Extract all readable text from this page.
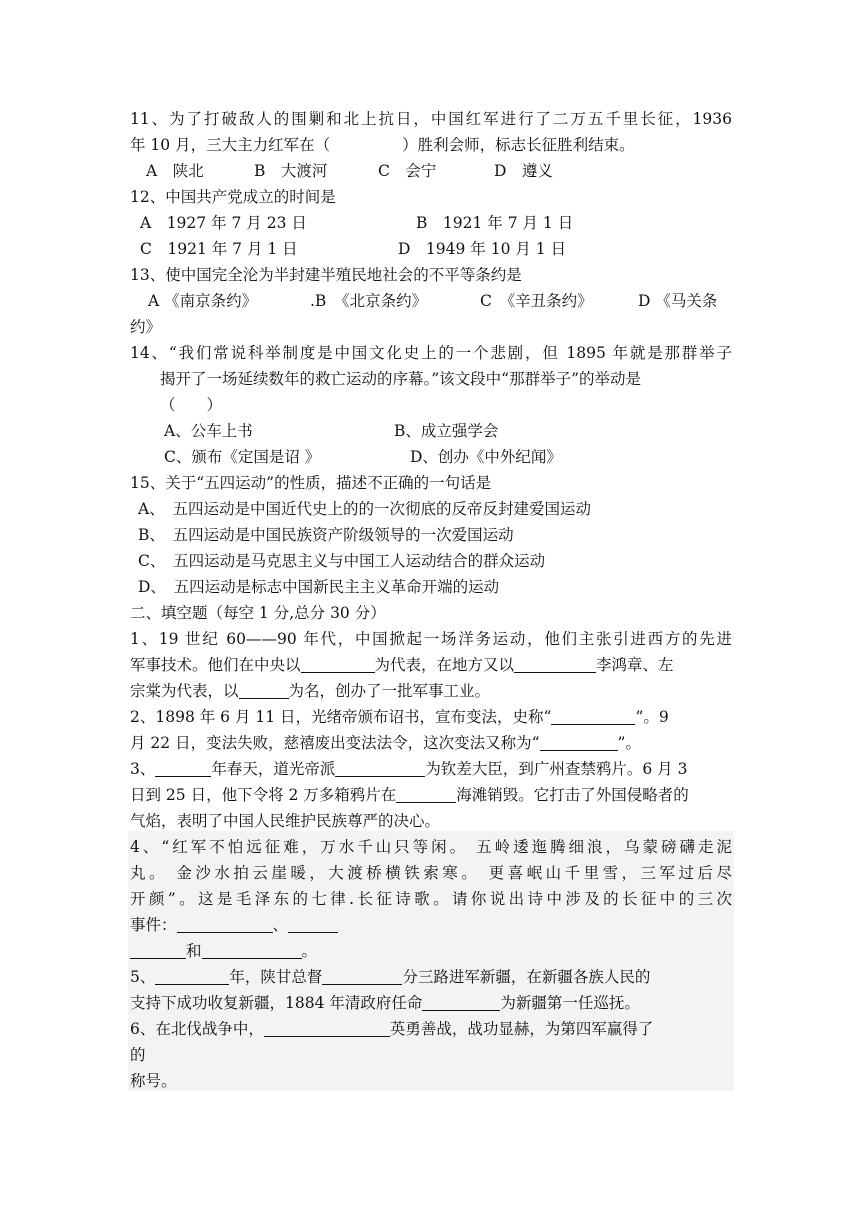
11、为了打破敌人的围剿和北上抗日，中国红军进行了二万五千里长征，1936
年 10 月，三大主力红军在（	）胜利会师，标志长征胜利结束。
A　陕北	B　大渡河	C　会宁	D　遵义
12、中国共产党成立的时间是
A　1927 年 7 月 23 日	B　1921 年 7 月 1 日
C　1921 年 7 月 1 日	D　1949 年 10 月 1 日
13、使中国完全沦为半封建半殖民地社会的不平等条约是
A 《南京条约》	.B　《北京条约》	C　《辛丑条约》	D 《马关条
约》
14、“我们常说科举制度是中国文化史上的一个悲剧，但 1895 年就是那群举子
揭开了一场延续数年的救亡运动的序幕。”该文段中“那群举子”的举动是
（　　）
A、公车上书	B、成立强学会
C、颁布《定国是诏 》	D、创办《中外纪闻》
15、关于“五四运动”的性质，描述不正确的一句话是
A、　五四运动是中国近代史上的的一次彻底的反帝反封建爱国运动
B、　五四运动是中国民族资产阶级领导的一次爱国运动
C、　五四运动是马克思主义与中国工人运动结合的群众运动
D、　五四运动是标志中国新民主主义革命开端的运动
二、填空题（每空 1 分,总分 30 分）
1、19 世纪 60——90 年代，中国掀起一场洋务运动，他们主张引进西方的先进
军事技术。他们在中央以	为代表，在地方又以	李鸿章、左
宗棠为代表，以	为名，创办了一批军事工业。
2、1898 年 6 月 11 日，光绪帝颁布诏书，宣布变法，史称“	”。9
月 22 日，变法失败，慈禧废出变法法令，这次变法又称为“	”。
3、	年春天，道光帝派	为钦差大臣，到广州查禁鸦片。6 月 3
日到 25 日，他下令将 2 万多箱鸦片在	海滩销毁。它打击了外国侵略者的
气焰，表明了中国人民维护民族尊严的决心。
4、“红军不怕远征难，万水千山只等闲。 五岭逶迤腾细浪，乌蒙磅礴走泥
丸。 金沙水拍云崖暖，大渡桥横铁索寒。 更喜岷山千里雪，三军过后尽
开颜”。这是毛泽东的七律.长征诗歌。请你说出诗中涉及的长征中的三次
事件：	、
和	。
5、	年，陕甘总督	分三路进军新疆，在新疆各族人民的
支持下成功收复新疆，1884 年清政府任命	为新疆第一任巡抚。
6、在北伐战争中，	英勇善战，战功显赫，为第四军赢得了
的
称号。
